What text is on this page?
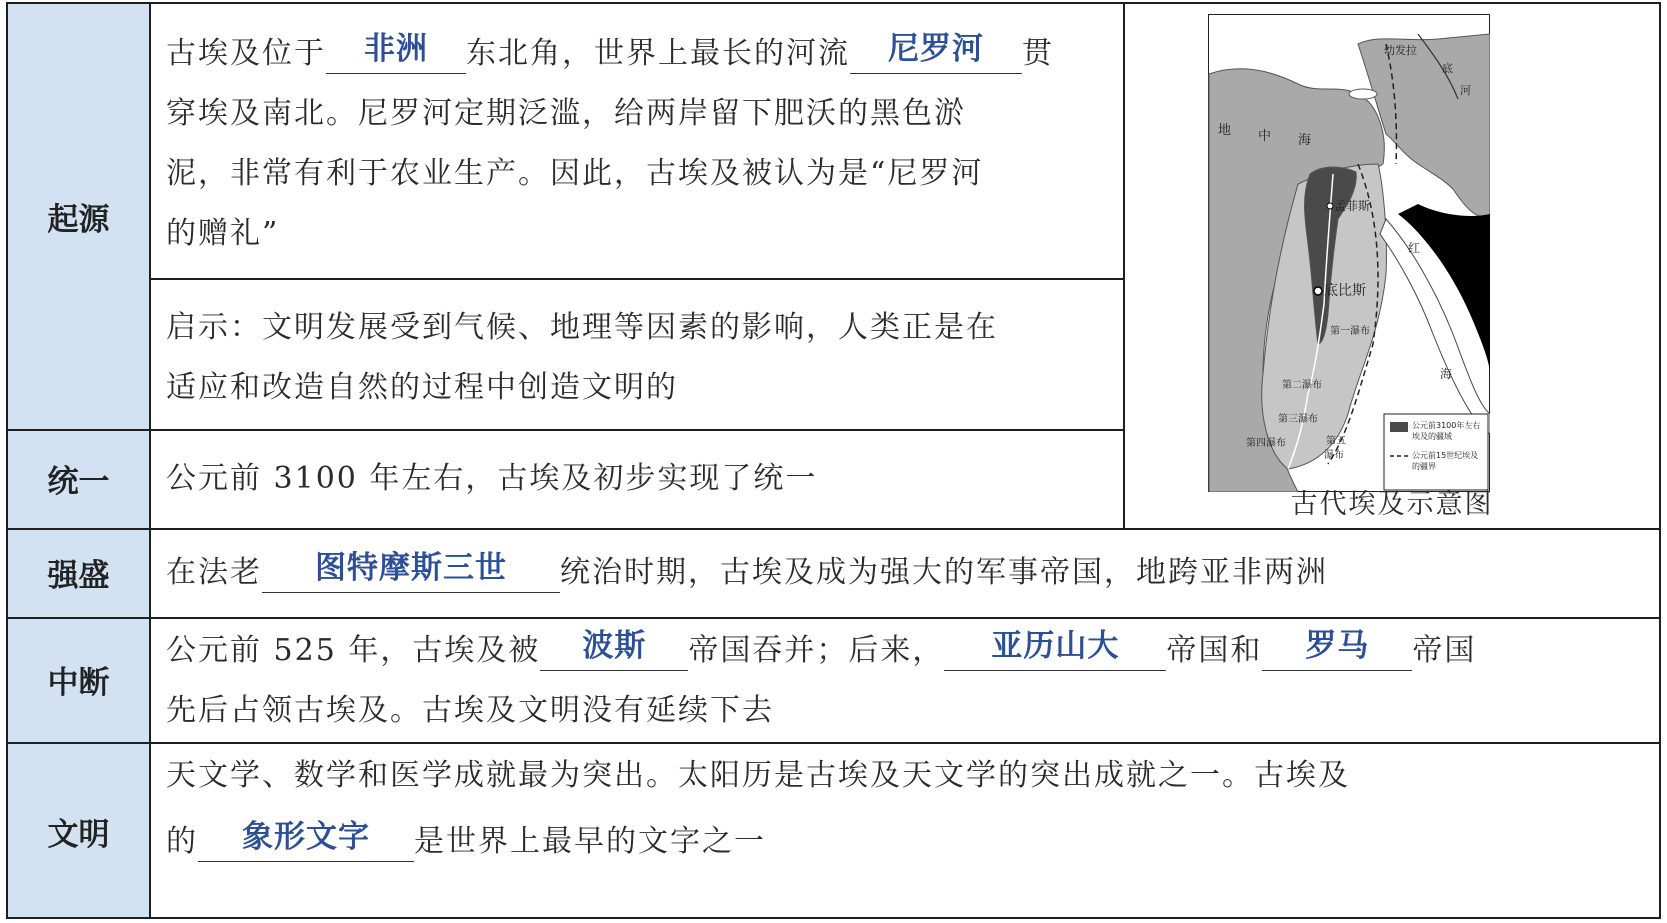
起源
统一
强盛
中断
文明
古埃及位于 非洲 东北角，世界上最长的河流 尼罗河 贯
穿埃及南北。尼罗河定期泛滥，给两岸留下肥沃的黑色淤
泥，非常有利于农业生产。因此，古埃及被认为是“尼罗河
的赠礼”
启示：文明发展受到气候、地理等因素的影响，人类正是在
适应和改造自然的过程中创造文明的
公元前 3100 年左右，古埃及初步实现了统一
在法老 图特摩斯三世 统治时期，古埃及成为强大的军事帝国，地跨亚非两洲
公元前 525 年，古埃及被 波斯 帝国吞并；后来， 亚历山大 帝国和 罗马 帝国
先后占领古埃及。古埃及文明没有延续下去
天文学、数学和医学成就最为突出。太阳历是古埃及天文学的突出成就之一。古埃及
的 象形文字 是世界上最早的文字之一
地 中 海
幼发拉
底
河
孟菲斯
底比斯
红
海
第一瀑布
第二瀑布
第三瀑布
第四瀑布	第五
瀑布
公元前3100年左右
埃及的疆域
公元前15世纪埃及
的疆界
古代埃及示意图
